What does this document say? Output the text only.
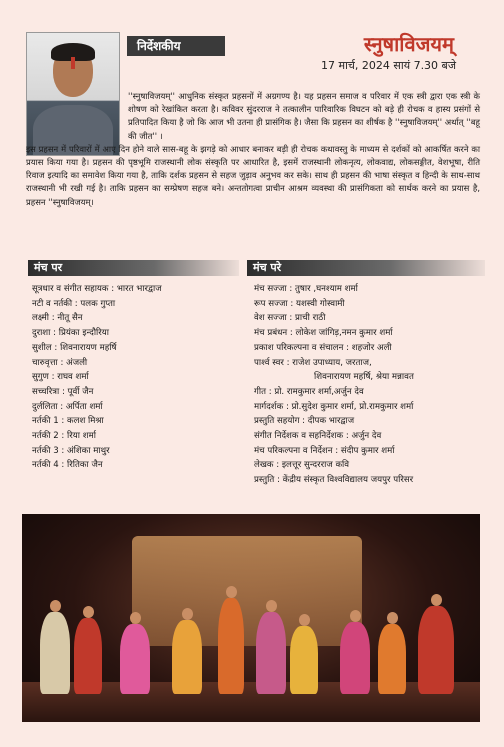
निर्देशकीय	स्नुषाविजयम्
17 मार्च, 2024 सायं 7.30 बजे
''स्नुषाविजयम्'' आधुनिक संस्कृत प्रहसनों में अग्रगण्य है। यह प्रहसन समाज व परिवार में एक स्त्री द्वारा एक स्त्री के शोषण को रेखांकित करता है। कविवर सुंदरराज ने तत्कालीन पारिवारिक विघटन को बड़े ही रोचक व हास्य प्रसंगों से प्रतिपादित किया है जो कि आज भी उतना ही प्रासंगिक है। जैसा कि प्रहसन का शीर्षक है ''स्नुषाविजयम्'' अर्थात् ''बहू की जीत'' ।
इस प्रहसन में परिवारों में आए दिन होने वाले सास-बहू के झगड़े को आधार बनाकर बड़ी ही रोचक कथावस्तु के माध्यम से दर्शकों को आकर्षित करने का प्रयास किया गया है। प्रहसन की पृष्ठभूमि राजस्थानी लोक संस्कृति पर आधारित है, इसमें राजस्थानी लोकनृत्य, लोकवाद्य, लोकसङ्गीत, वेशभूषा, रीति रिवाज इत्यादि का समावेश किया गया है, ताकि दर्शक प्रहसन से सहज जुड़ाव अनुभव कर सके। साथ ही प्रहसन की भाषा संस्कृत व हिन्दी के साथ-साथ राजस्थानी भी रखी गई है। ताकि प्रहसन का सम्प्रेषण सहज बने। अन्ततोगत्वा प्राचीन आश्रम व्यवस्था की प्रासंगिकता को सार्थक करने का प्रयास है, प्रहसन ''स्नुषाविजयम्।
मंच पर	मंच परे
सूत्रधार व संगीत सहायक : भारत भारद्वाज
नटी व नर्तकी : पलक गुप्ता
लक्ष्मी : नीतू सैन
दुराशा : प्रियंका इन्दौरिया
सुशील : शिवनारायण महर्षि
चारुवृत्ता : अंजली
सुगुण : राघव शर्मा
सच्चरित्रा : पूर्वी जैन
दुर्ललिता : अर्पिता शर्मा
नर्तकी 1 : कलश मिश्रा
नर्तकी 2 : रिया शर्मा
नर्तकी 3 : अंशिका माथुर
नर्तकी 4 : रितिका जैन
मंच सज्जा : तुषार ,घनश्याम शर्मा
रूप सज्जा : यशस्वी गोस्वामी
वेश सज्जा : प्राची राठी
मंच प्रबंधन : लोकेश जांगिड़,नमन कुमार शर्मा
प्रकाश परिकल्पना व संचालन : शहजोर अली
पार्श्व स्वर : राजेश उपाध्याय, जरताज,
शिवनारायण महर्षि, श्रेया मन्नावत
गीत : प्रो. रामकुमार शर्मा,अर्जुन देव
मार्गदर्शक : प्रो.सुदेश कुमार शर्मा, प्रो.रामकुमार शर्मा
प्रस्तुति सहयोग : दीपक भारद्वाज
संगीत निर्देशक व सहनिर्देशक : अर्जुन देव
मंच परिकल्पना व निर्देशन : संदीप कुमार शर्मा
लेखक : इलत्तूर सुन्दरराज कवि
प्रस्तुति : केंद्रीय संस्कृत विश्वविद्यालय जयपुर परिसर
